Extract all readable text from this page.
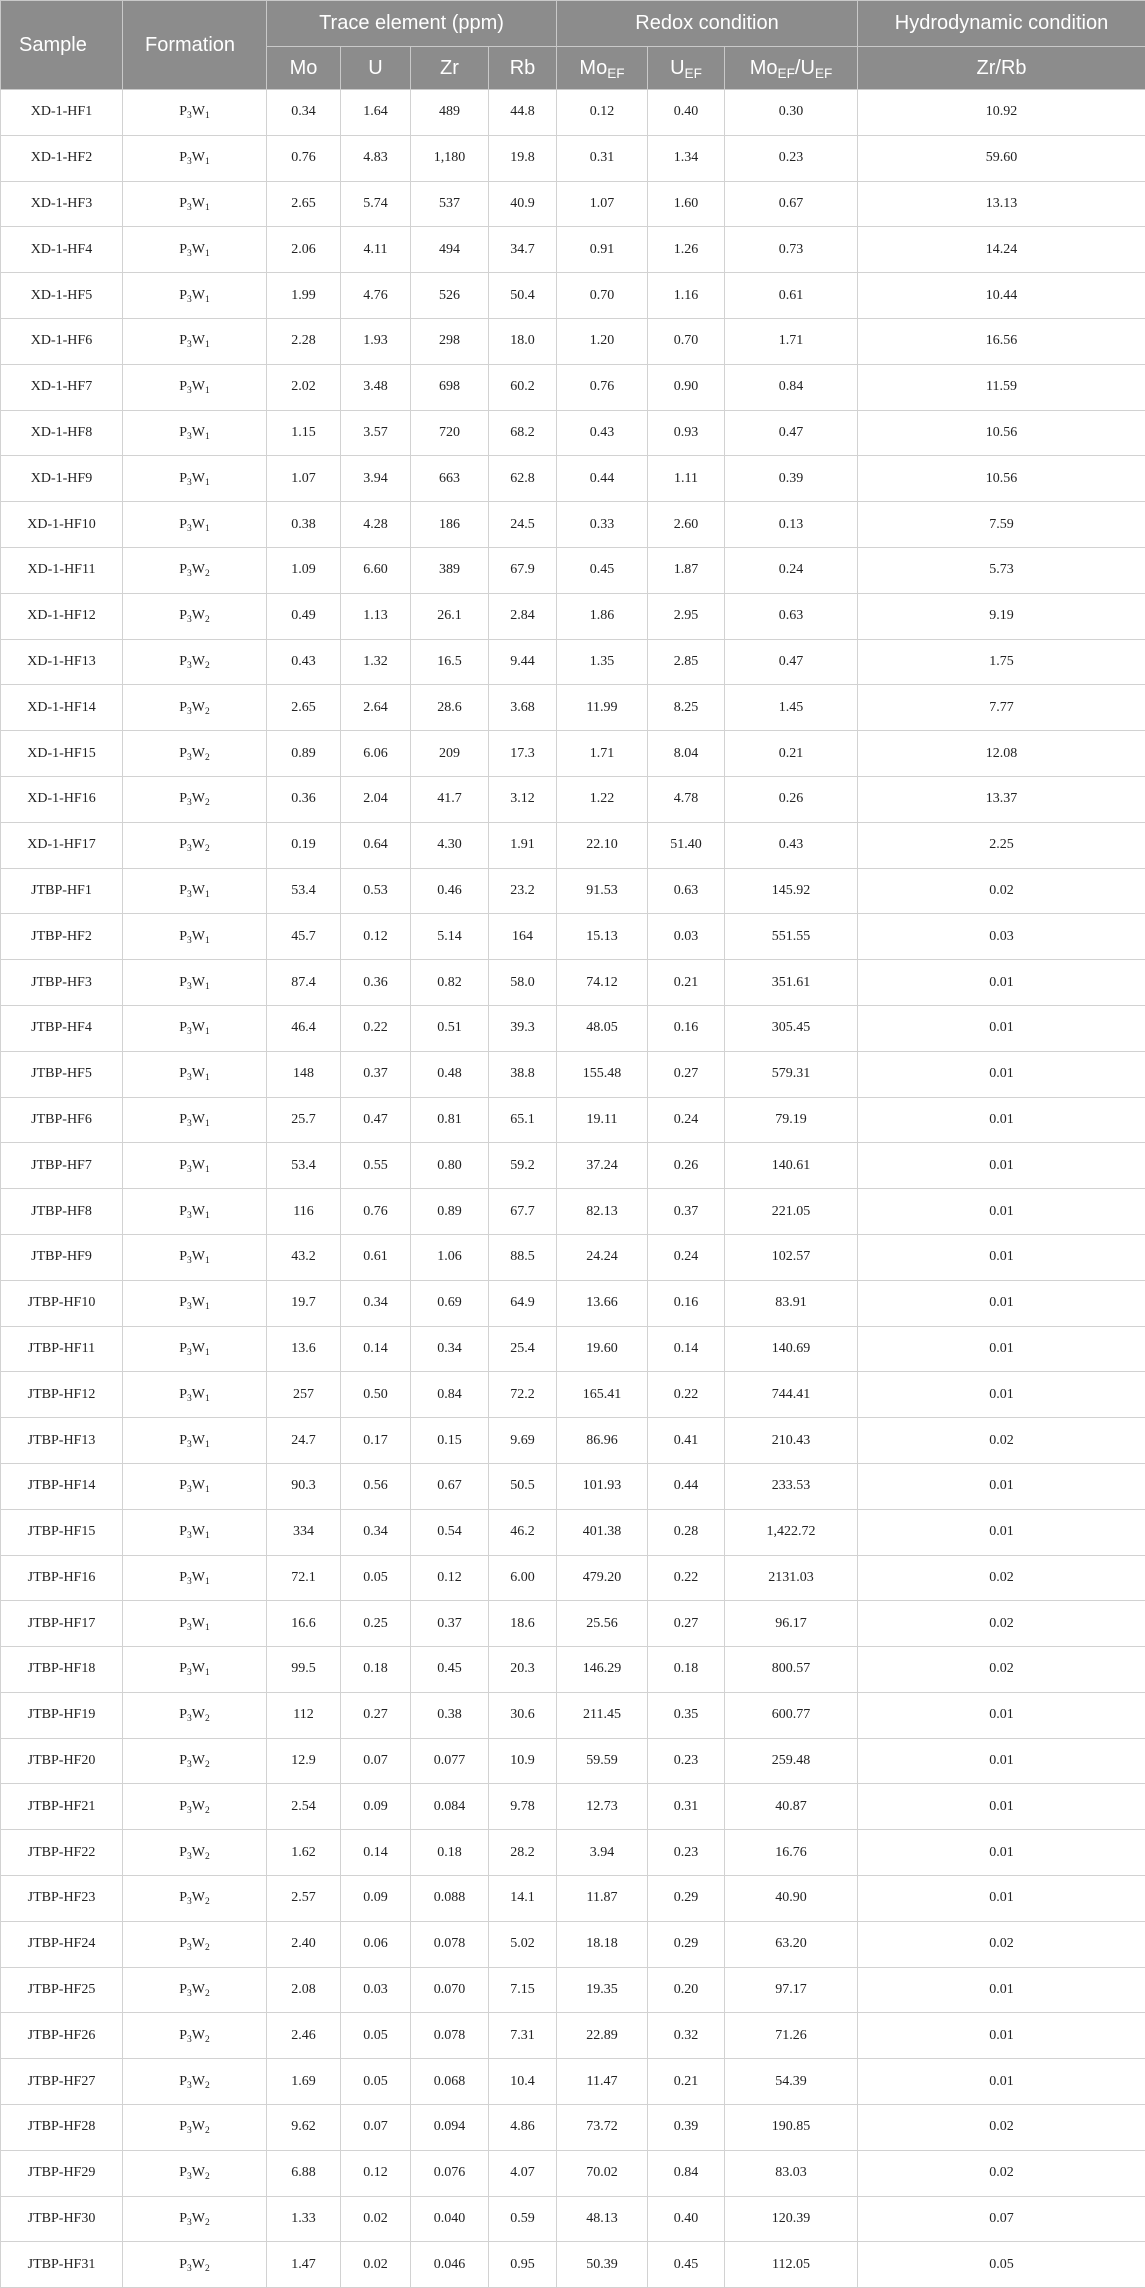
Sample	Formation	Trace element (ppm)				Redox condition			Hydrodynamic condition
		Mo	U	Zr	Rb	$Mo_{EF}$	$U_{EF}$	$Mo_{EF}/U_{EF}$	Zr/Rb
XD-1-HF1	$P_3W_1$	0.34	1.64	489	44.8	0.12	0.40	0.30	10.92
XD-1-HF2	$P_3W_1$	0.76	4.83	1,180	19.8	0.31	1.34	0.23	59.60
XD-1-HF3	$P_3W_1$	2.65	5.74	537	40.9	1.07	1.60	0.67	13.13
XD-1-HF4	$P_3W_1$	2.06	4.11	494	34.7	0.91	1.26	0.73	14.24
XD-1-HF5	$P_3W_1$	1.99	4.76	526	50.4	0.70	1.16	0.61	10.44
XD-1-HF6	$P_3W_1$	2.28	1.93	298	18.0	1.20	0.70	1.71	16.56
XD-1-HF7	$P_3W_1$	2.02	3.48	698	60.2	0.76	0.90	0.84	11.59
XD-1-HF8	$P_3W_1$	1.15	3.57	720	68.2	0.43	0.93	0.47	10.56
XD-1-HF9	$P_3W_1$	1.07	3.94	663	62.8	0.44	1.11	0.39	10.56
XD-1-HF10	$P_3W_1$	0.38	4.28	186	24.5	0.33	2.60	0.13	7.59
XD-1-HF11	$P_3W_2$	1.09	6.60	389	67.9	0.45	1.87	0.24	5.73
XD-1-HF12	$P_3W_2$	0.49	1.13	26.1	2.84	1.86	2.95	0.63	9.19
XD-1-HF13	$P_3W_2$	0.43	1.32	16.5	9.44	1.35	2.85	0.47	1.75
XD-1-HF14	$P_3W_2$	2.65	2.64	28.6	3.68	11.99	8.25	1.45	7.77
XD-1-HF15	$P_3W_2$	0.89	6.06	209	17.3	1.71	8.04	0.21	12.08
XD-1-HF16	$P_3W_2$	0.36	2.04	41.7	3.12	1.22	4.78	0.26	13.37
XD-1-HF17	$P_3W_2$	0.19	0.64	4.30	1.91	22.10	51.40	0.43	2.25
JTBP-HF1	$P_3W_1$	53.4	0.53	0.46	23.2	91.53	0.63	145.92	0.02
JTBP-HF2	$P_3W_1$	45.7	0.12	5.14	164	15.13	0.03	551.55	0.03
JTBP-HF3	$P_3W_1$	87.4	0.36	0.82	58.0	74.12	0.21	351.61	0.01
JTBP-HF4	$P_3W_1$	46.4	0.22	0.51	39.3	48.05	0.16	305.45	0.01
JTBP-HF5	$P_3W_1$	148	0.37	0.48	38.8	155.48	0.27	579.31	0.01
JTBP-HF6	$P_3W_1$	25.7	0.47	0.81	65.1	19.11	0.24	79.19	0.01
JTBP-HF7	$P_3W_1$	53.4	0.55	0.80	59.2	37.24	0.26	140.61	0.01
JTBP-HF8	$P_3W_1$	116	0.76	0.89	67.7	82.13	0.37	221.05	0.01
JTBP-HF9	$P_3W_1$	43.2	0.61	1.06	88.5	24.24	0.24	102.57	0.01
JTBP-HF10	$P_3W_1$	19.7	0.34	0.69	64.9	13.66	0.16	83.91	0.01
JTBP-HF11	$P_3W_1$	13.6	0.14	0.34	25.4	19.60	0.14	140.69	0.01
JTBP-HF12	$P_3W_1$	257	0.50	0.84	72.2	165.41	0.22	744.41	0.01
JTBP-HF13	$P_3W_1$	24.7	0.17	0.15	9.69	86.96	0.41	210.43	0.02
JTBP-HF14	$P_3W_1$	90.3	0.56	0.67	50.5	101.93	0.44	233.53	0.01
JTBP-HF15	$P_3W_1$	334	0.34	0.54	46.2	401.38	0.28	1,422.72	0.01
JTBP-HF16	$P_3W_1$	72.1	0.05	0.12	6.00	479.20	0.22	2131.03	0.02
JTBP-HF17	$P_3W_1$	16.6	0.25	0.37	18.6	25.56	0.27	96.17	0.02
JTBP-HF18	$P_3W_1$	99.5	0.18	0.45	20.3	146.29	0.18	800.57	0.02
JTBP-HF19	$P_3W_2$	112	0.27	0.38	30.6	211.45	0.35	600.77	0.01
JTBP-HF20	$P_3W_2$	12.9	0.07	0.077	10.9	59.59	0.23	259.48	0.01
JTBP-HF21	$P_3W_2$	2.54	0.09	0.084	9.78	12.73	0.31	40.87	0.01
JTBP-HF22	$P_3W_2$	1.62	0.14	0.18	28.2	3.94	0.23	16.76	0.01
JTBP-HF23	$P_3W_2$	2.57	0.09	0.088	14.1	11.87	0.29	40.90	0.01
JTBP-HF24	$P_3W_2$	2.40	0.06	0.078	5.02	18.18	0.29	63.20	0.02
JTBP-HF25	$P_3W_2$	2.08	0.03	0.070	7.15	19.35	0.20	97.17	0.01
JTBP-HF26	$P_3W_2$	2.46	0.05	0.078	7.31	22.89	0.32	71.26	0.01
JTBP-HF27	$P_3W_2$	1.69	0.05	0.068	10.4	11.47	0.21	54.39	0.01
JTBP-HF28	$P_3W_2$	9.62	0.07	0.094	4.86	73.72	0.39	190.85	0.02
JTBP-HF29	$P_3W_2$	6.88	0.12	0.076	4.07	70.02	0.84	83.03	0.02
JTBP-HF30	$P_3W_2$	1.33	0.02	0.040	0.59	48.13	0.40	120.39	0.07
JTBP-HF31	$P_3W_2$	1.47	0.02	0.046	0.95	50.39	0.45	112.05	0.05
